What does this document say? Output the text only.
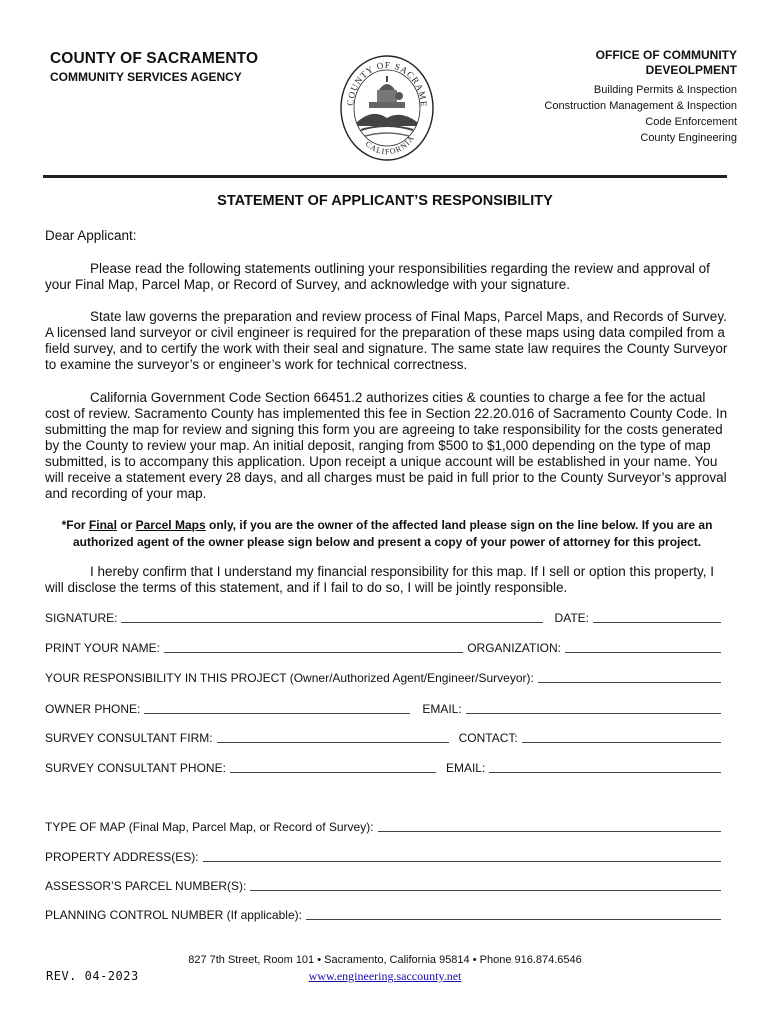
COUNTY OF SACRAMENTO
COMMUNITY SERVICES AGENCY
COUNTY OF SACRAME
CALIFORNIA
OFFICE OF COMMUNITY
DEVEOLPMENT
Building Permits & Inspection
Construction Management & Inspection
Code Enforcement
County Engineering
STATEMENT OF APPLICANT’S RESPONSIBILITY
Dear Applicant:

Please read the following statements outlining your responsibilities regarding the review and approval of your Final Map, Parcel Map, or Record of Survey, and acknowledge with your signature.

State law governs the preparation and review process of Final Maps, Parcel Maps, and Records of Survey. A licensed land surveyor or civil engineer is required for the preparation of these maps using data compiled from a field survey, and to certify the work with their seal and signature. The same state law requires the County Surveyor to examine the surveyor’s or engineer’s work for technical correctness.

California Government Code Section 66451.2 authorizes cities & counties to charge a fee for the actual cost of review. Sacramento County has implemented this fee in Section 22.20.016 of Sacramento County Code. In submitting the map for review and signing this form you are agreeing to take responsibility for the costs generated by the County to review your map. An initial deposit, ranging from $500 to $1,000 depending on the type of map submitted, is to accompany this application. Upon receipt a unique account will be established in your name. You will receive a statement every 28 days, and all charges must be paid in full prior to the County Surveyor’s approval and recording of your map.

*For Final or Parcel Maps only, if you are the owner of the affected land please sign on the line below. If you are an authorized agent of the owner please sign below and present a copy of your power of attorney for this project.

I hereby confirm that I understand my financial responsibility for this map. If I sell or option this property, I will disclose the terms of this statement, and if I fail to do so, I will be jointly responsible.

SIGNATURE:	DATE:
PRINT YOUR NAME:	ORGANIZATION:
YOUR RESPONSIBILITY IN THIS PROJECT (Owner/Authorized Agent/Engineer/Surveyor):
OWNER PHONE:	EMAIL:
SURVEY CONSULTANT FIRM:	CONTACT:
SURVEY CONSULTANT PHONE:	EMAIL:
TYPE OF MAP (Final Map, Parcel Map, or Record of Survey):
PROPERTY ADDRESS(ES):
ASSESSOR’S PARCEL NUMBER(S):
PLANNING CONTROL NUMBER (If applicable):
827 7th Street, Room 101 • Sacramento, California 95814 • Phone 916.874.6546
www.engineering.saccounty.net
REV. 04-2023
